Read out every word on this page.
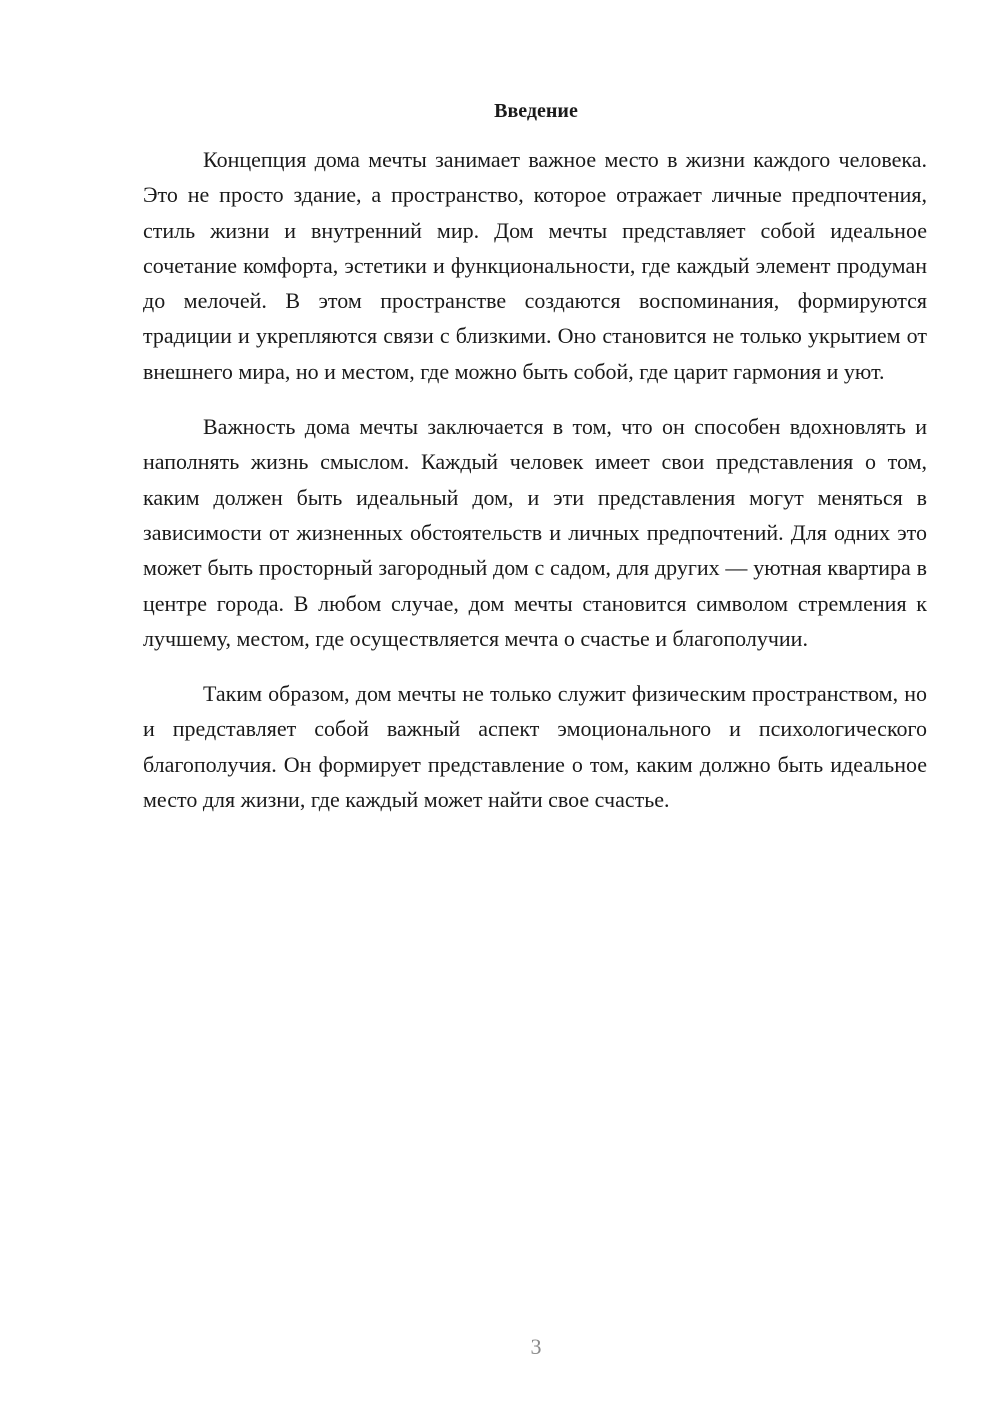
Введение

Концепция дома мечты занимает важное место в жизни каждого человека. Это не просто здание, а пространство, которое отражает личные предпочтения, стиль жизни и внутренний мир. Дом мечты представляет собой идеальное сочетание комфорта, эстетики и функциональности, где каждый элемент продуман до мелочей. В этом пространстве создаются воспоминания, формируются традиции и укрепляются связи с близкими. Оно становится не только укрытием от внешнего мира, но и местом, где можно быть собой, где царит гармония и уют.

Важность дома мечты заключается в том, что он способен вдохновлять и наполнять жизнь смыслом. Каждый человек имеет свои представления о том, каким должен быть идеальный дом, и эти представления могут меняться в зависимости от жизненных обстоятельств и личных предпочтений. Для одних это может быть просторный загородный дом с садом, для других — уютная квартира в центре города. В любом случае, дом мечты становится символом стремления к лучшему, местом, где осуществляется мечта о счастье и благополучии.

Таким образом, дом мечты не только служит физическим пространством, но и представляет собой важный аспект эмоционального и психологического благополучия. Он формирует представление о том, каким должно быть идеальное место для жизни, где каждый может найти свое счастье.

3
